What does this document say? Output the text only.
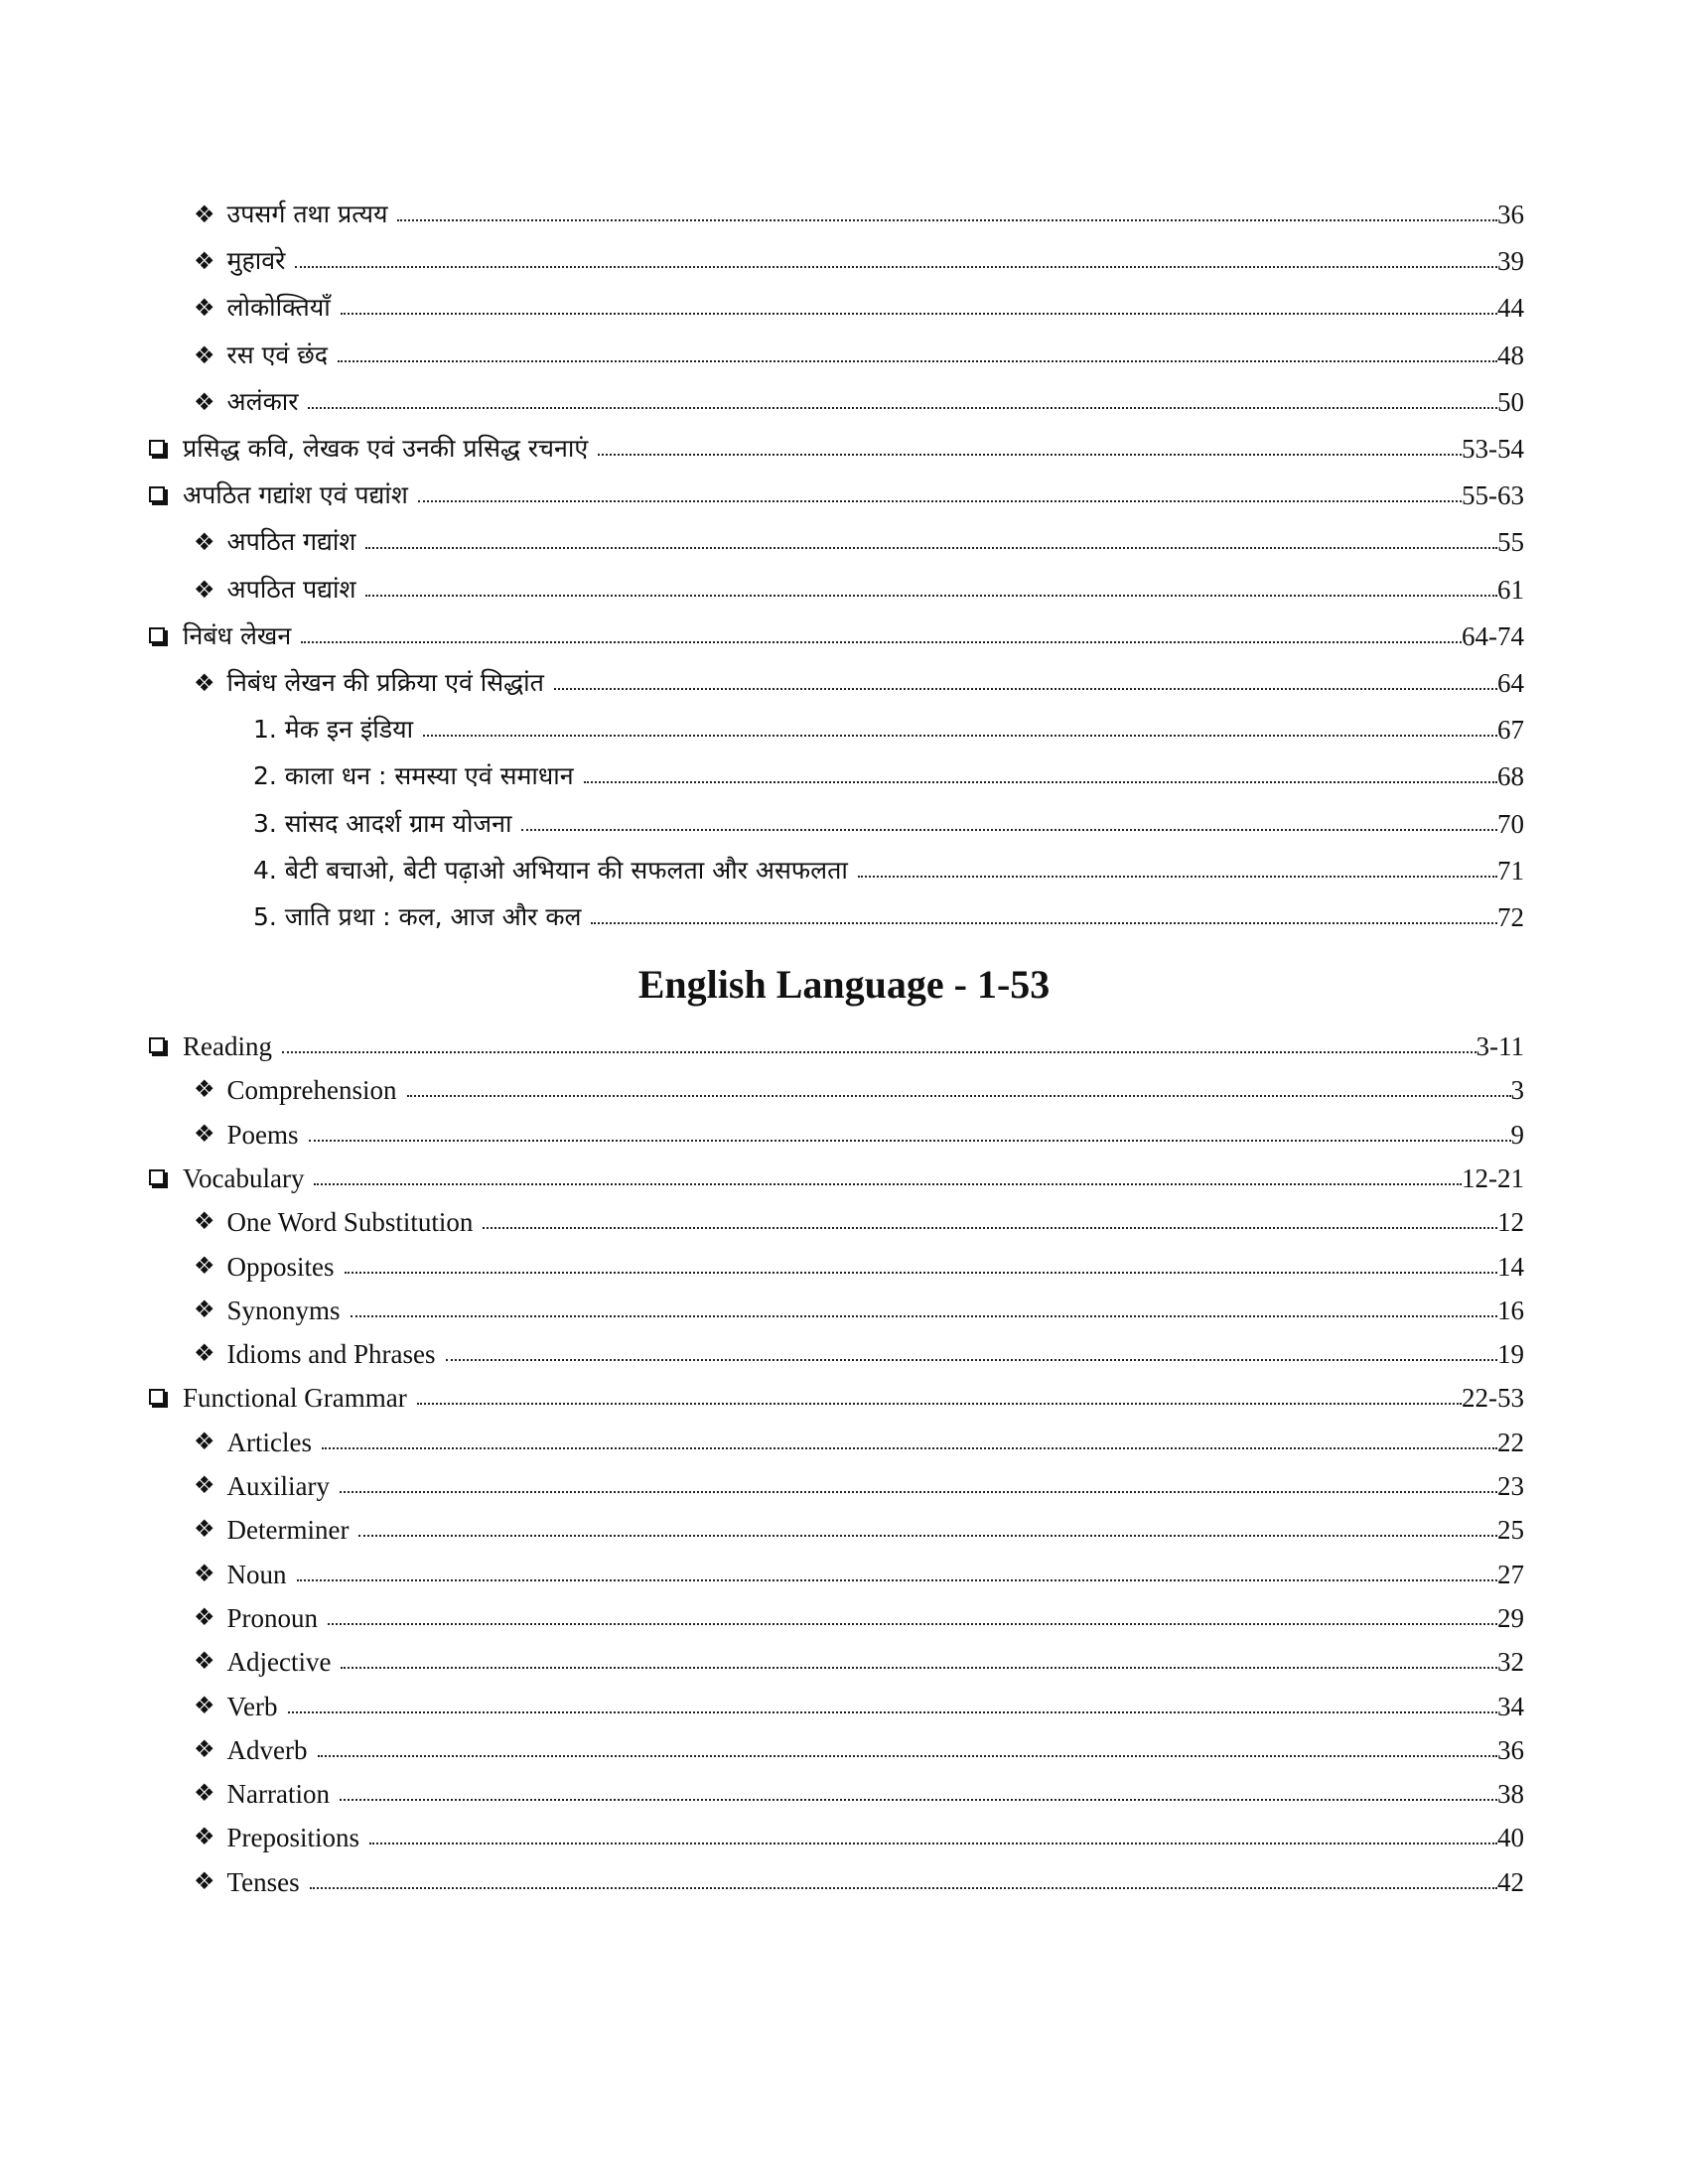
❖ उपसर्ग तथा प्रत्यय	36
❖ मुहावरे	39
❖ लोकोक्तियाँ	44
❖ रस एवं छंद	48
❖ अलंकार	50
प्रसिद्ध कवि, लेखक एवं उनकी प्रसिद्ध रचनाएं	53-54
अपठित गद्यांश एवं पद्यांश	55-63
❖ अपठित गद्यांश	55
❖ अपठित पद्यांश	61
निबंध लेखन	64-74
❖ निबंध लेखन की प्रक्रिया एवं सिद्धांत	64
1. मेक इन इंडिया	67
2. काला धन : समस्या एवं समाधान	68
3. सांसद आदर्श ग्राम योजना	70
4. बेटी बचाओ, बेटी पढ़ाओ अभियान की सफलता और असफलता	71
5. जाति प्रथा : कल, आज और कल	72
Reading	3-11
❖ Comprehension	3
❖ Poems	9
Vocabulary	12-21
❖ One Word Substitution	12
❖ Opposites	14
❖ Synonyms	16
❖ Idioms and Phrases	19
Functional Grammar	22-53
❖ Articles	22
❖ Auxiliary	23
❖ Determiner	25
❖ Noun	27
❖ Pronoun	29
❖ Adjective	32
❖ Verb	34
❖ Adverb	36
❖ Narration	38
❖ Prepositions	40
❖ Tenses	42
English Language - 1-53
